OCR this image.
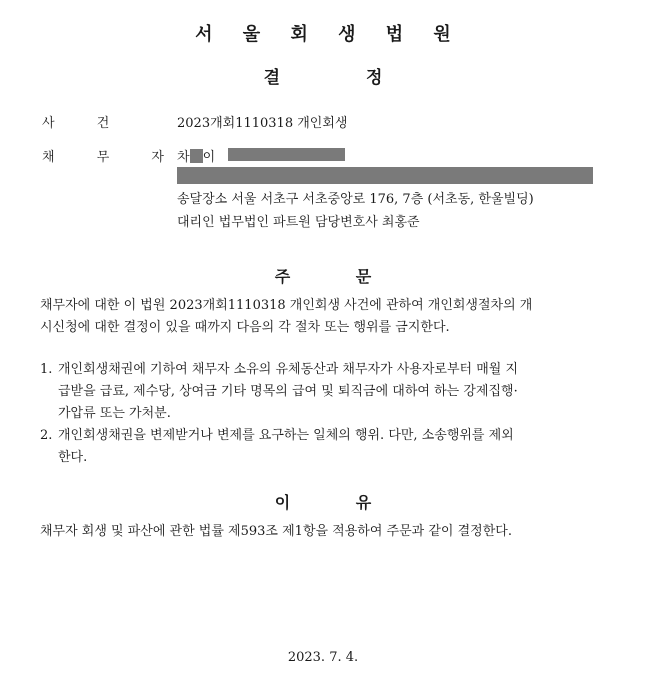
서 울 회 생 법 원
결 정
사 건	2023개회1110318 개인회생
채 무 자 차 이
송달장소 서울 서초구 서초중앙로 176, 7층 (서초동, 한울빌딩)
대리인 법무법인 파트원 담당변호사 최홍준
주 문
채무자에 대한 이 법원 2023개회1110318 개인회생 사건에 관하여 개인회생절차의 개
시신청에 대한 결정이 있을 때까지 다음의 각 절차 또는 행위를 금지한다.
1. 개인회생채권에 기하여 채무자 소유의 유체동산과 채무자가 사용자로부터 매월 지
급받을 급료, 제수당, 상여금 기타 명목의 급여 및 퇴직금에 대하여 하는 강제집행·
가압류 또는 가처분.
2. 개인회생채권을 변제받거나 변제를 요구하는 일체의 행위. 다만, 소송행위를 제외
한다.
이 유
채무자 회생 및 파산에 관한 법률 제593조 제1항을 적용하여 주문과 같이 결정한다.
2023. 7. 4.
